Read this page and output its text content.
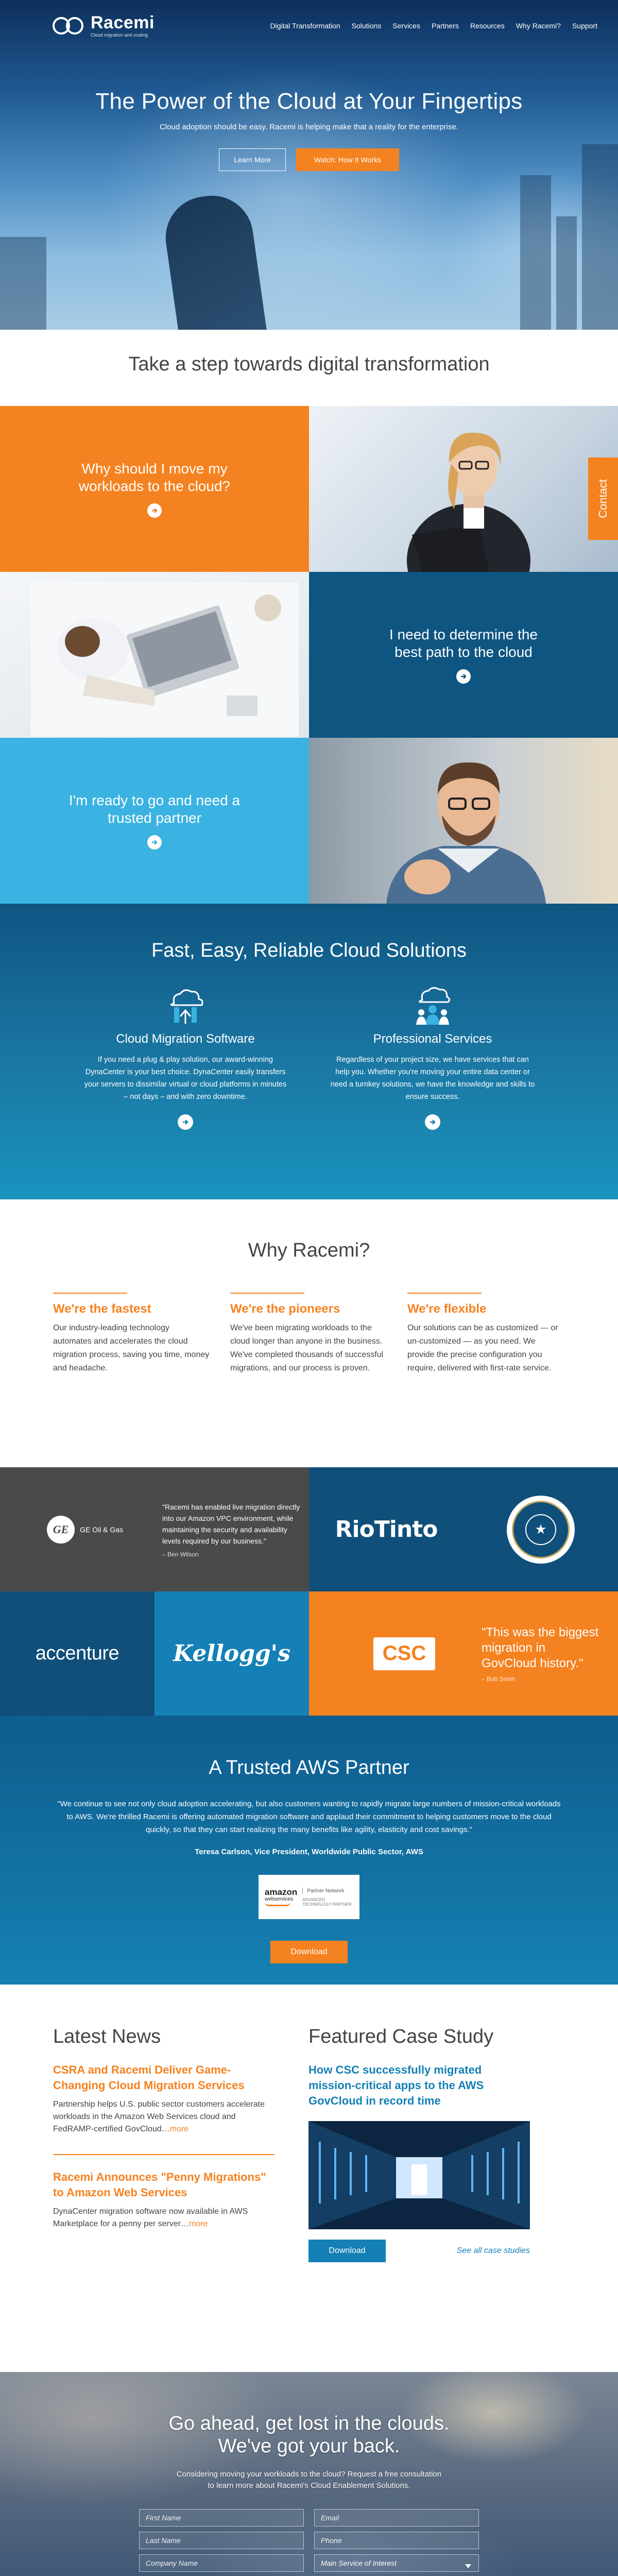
Racemi
Cloud migration and scaling
Digital Transformation Solutions Services Partners Resources Why Racemi? Support
The Power of the Cloud at Your Fingertips

Cloud adoption should be easy. Racemi is helping make that a reality for the enterprise.

Learn More	Watch: How It Works
Take a step towards digital transformation
Why should I move my workloads to the cloud?
I need to determine the best path to the cloud
I'm ready to go and need a trusted partner
Contact
Fast, Easy, Reliable Cloud Solutions
Cloud Migration Software

If you need a plug & play solution, our award-winning DynaCenter is your best choice. DynaCenter easily transfers your servers to dissimilar virtual or cloud platforms in minutes – not days – and with zero downtime.

Professional Services

Regardless of your project size, we have services that can help you. Whether you're moving your entire data center or need a turnkey solutions, we have the knowledge and skills to ensure success.

Why Racemi?
We're the fastest

Our industry-leading technology automates and accelerates the cloud migration process, saving you time, money and headache.

We're the pioneers

We've been migrating workloads to the cloud longer than anyone in the business. We've completed thousands of successful migrations, and our process is proven.

We're flexible

Our solutions can be as customized — or un-customized — as you need. We provide the precise configuration you require, delivered with first-rate service.

GE	GE Oil & Gas
"Racemi has enabled live migration directly into our Amazon VPC environment, while maintaining the security and availability levels required by our business."
– Ben Wilson
RioTinto	★
accenture Kellogg's	CSC
"This was the biggest migration in GovCloud history."
– Bob Smith
A Trusted AWS Partner

"We continue to see not only cloud adoption accelerating, but also customers wanting to rapidly migrate large numbers of mission-critical workloads to AWS. We're thrilled Racemi is offering automated migration software and applaud their commitment to helping customers move to the cloud quickly, so that they can start realizing the many benefits like agility, elasticity and cost savings."

Teresa Carlson, Vice President, Worldwide Public Sector, AWS

amazon
webservices
Partner Network
ADVANCED TECHNOLOGY PARTNER
Download
Latest News
CSRA and Racemi Deliver Game-Changing Cloud Migration Services

Partnership helps U.S. public sector customers accelerate workloads in the Amazon Web Services cloud and FedRAMP-certified GovCloud…more

Racemi Announces "Penny Migrations" to Amazon Web Services

DynaCenter migration software now available in AWS Marketplace for a penny per server…more

Featured Case Study
How CSC successfully migrated mission-critical apps to the AWS GovCloud in record time
Download	See all case studies
Go ahead, get lost in the clouds.
We've got your back.

Considering moving your workloads to the cloud? Request a free consultation
to learn more about Racemi's Cloud Enablement Solutions.

First Name
Email
Last Name
Phone
Company Name
Main Service of Interest
